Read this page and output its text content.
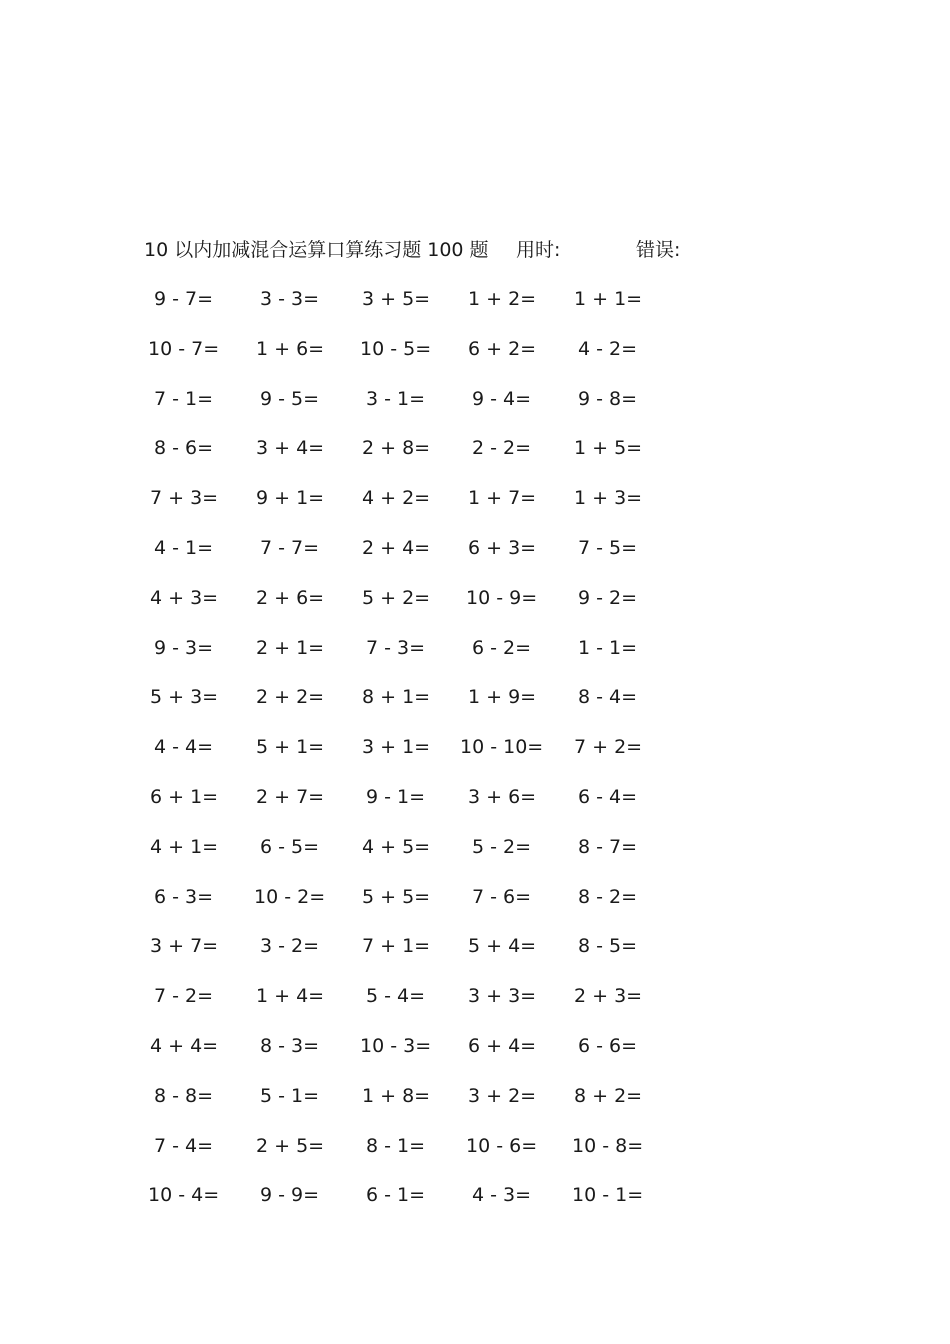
10 以内加减混合运算口算练习题 100 题 用时:	错误:
9 - 7= 3 - 3= 3 + 5= 1 + 2= 1 + 1=
10 - 7= 1 + 6= 10 - 5= 6 + 2= 4 - 2=
7 - 1= 9 - 5= 3 - 1= 9 - 4= 9 - 8=
8 - 6= 3 + 4= 2 + 8= 2 - 2= 1 + 5=
7 + 3= 9 + 1= 4 + 2= 1 + 7= 1 + 3=
4 - 1= 7 - 7= 2 + 4= 6 + 3= 7 - 5=
4 + 3= 2 + 6= 5 + 2= 10 - 9= 9 - 2=
9 - 3= 2 + 1= 7 - 3= 6 - 2= 1 - 1=
5 + 3= 2 + 2= 8 + 1= 1 + 9= 8 - 4=
4 - 4= 5 + 1= 3 + 1= 10 - 10= 7 + 2=
6 + 1= 2 + 7= 9 - 1= 3 + 6= 6 - 4=
4 + 1= 6 - 5= 4 + 5= 5 - 2= 8 - 7=
6 - 3= 10 - 2= 5 + 5= 7 - 6= 8 - 2=
3 + 7= 3 - 2= 7 + 1= 5 + 4= 8 - 5=
7 - 2= 1 + 4= 5 - 4= 3 + 3= 2 + 3=
4 + 4= 8 - 3= 10 - 3= 6 + 4= 6 - 6=
8 - 8= 5 - 1= 1 + 8= 3 + 2= 8 + 2=
7 - 4= 2 + 5= 8 - 1= 10 - 6= 10 - 8=
10 - 4= 9 - 9= 6 - 1= 4 - 3= 10 - 1=
